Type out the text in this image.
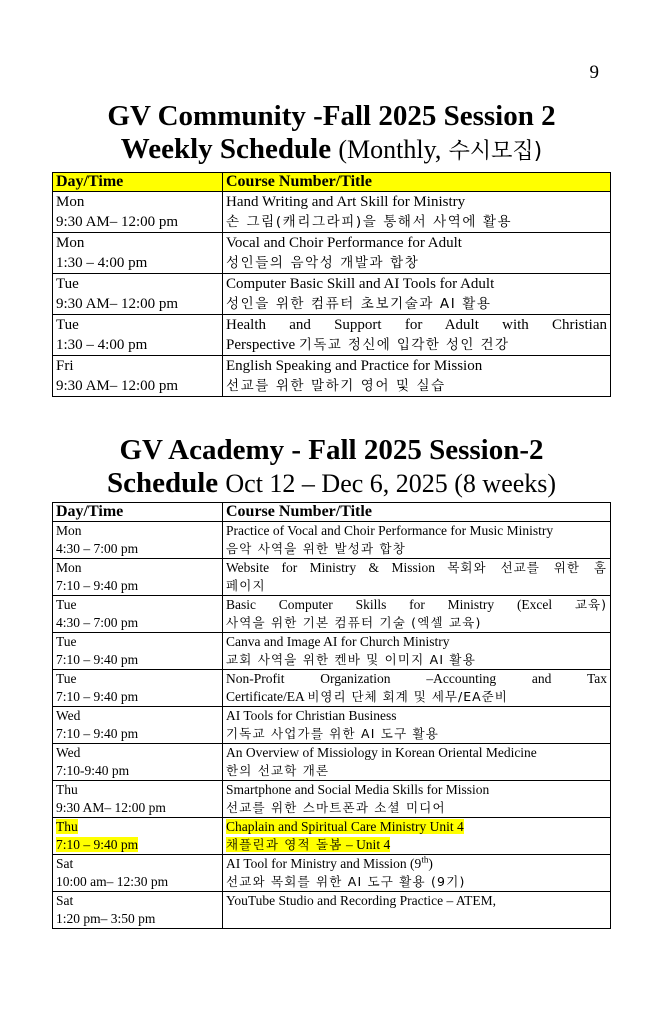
9
GV Community -Fall 2025 Session 2
Weekly Schedule (Monthly, 수시모집)
Day/Time	Course Number/Title

Mon
9:30 AM– 12:00 pm	Hand Writing and Art Skill for Ministry
손 그림(캐리그라피)을 통해서 사역에 활용

Mon
1:30 – 4:00 pm	Vocal and Choir Performance for Adult
성인들의 음악성 개발과 합창

Tue
9:30 AM– 12:00 pm	Computer Basic Skill and AI Tools for Adult
성인을 위한 컴퓨터 초보기술과 AI 활용

Tue
1:30 – 4:00 pm	Health and Support for Adult with Christian
Perspective 기독교 정신에 입각한 성인 건강

Fri
9:30 AM– 12:00 pm	English Speaking and Practice for Mission
선교를 위한 말하기 영어 및 실습
GV Academy - Fall 2025 Session-2
Schedule Oct 12 – Dec 6, 2025 (8 weeks)
Day/Time	Course Number/Title

Mon
4:30 – 7:00 pm	Practice of Vocal and Choir Performance for Music Ministry
음악 사역을 위한 발성과 합창

Mon
7:10 – 9:40 pm	Website for Ministry & Mission 목회와 선교를 위한 홈
페이지

Tue
4:30 – 7:00 pm	Basic Computer Skills for Ministry (Excel 교육)
사역을 위한 기본 컴퓨터 기술 (엑셀 교육)

Tue
7:10 – 9:40 pm	Canva and Image AI for Church Ministry
교회 사역을 위한 켄바 및 이미지 AI 활용

Tue
7:10 – 9:40 pm	Non-Profit Organization –Accounting and Tax
Certificate/EA 비영리 단체 회계 및 세무/EA준비

Wed
7:10 – 9:40 pm	AI Tools for Christian Business
기독교 사업가를 위한 AI 도구 활용

Wed
7:10-9:40 pm	An Overview of Missiology in Korean Oriental Medicine
한의 선교학 개론

Thu
9:30 AM– 12:00 pm	Smartphone and Social Media Skills for Mission
선교를 위한 스마트폰과 소셜 미디어

Thu
7:10 – 9:40 pm	Chaplain and Spiritual Care Ministry Unit 4
채플린과 영적 돌봄 – Unit 4

Sat
10:00 am– 12:30 pm	AI Tool for Ministry and Mission (9th)
선교와 목회를 위한 AI 도구 활용 (9기)

Sat
1:20 pm– 3:50 pm	YouTube Studio and Recording Practice – ATEM,
